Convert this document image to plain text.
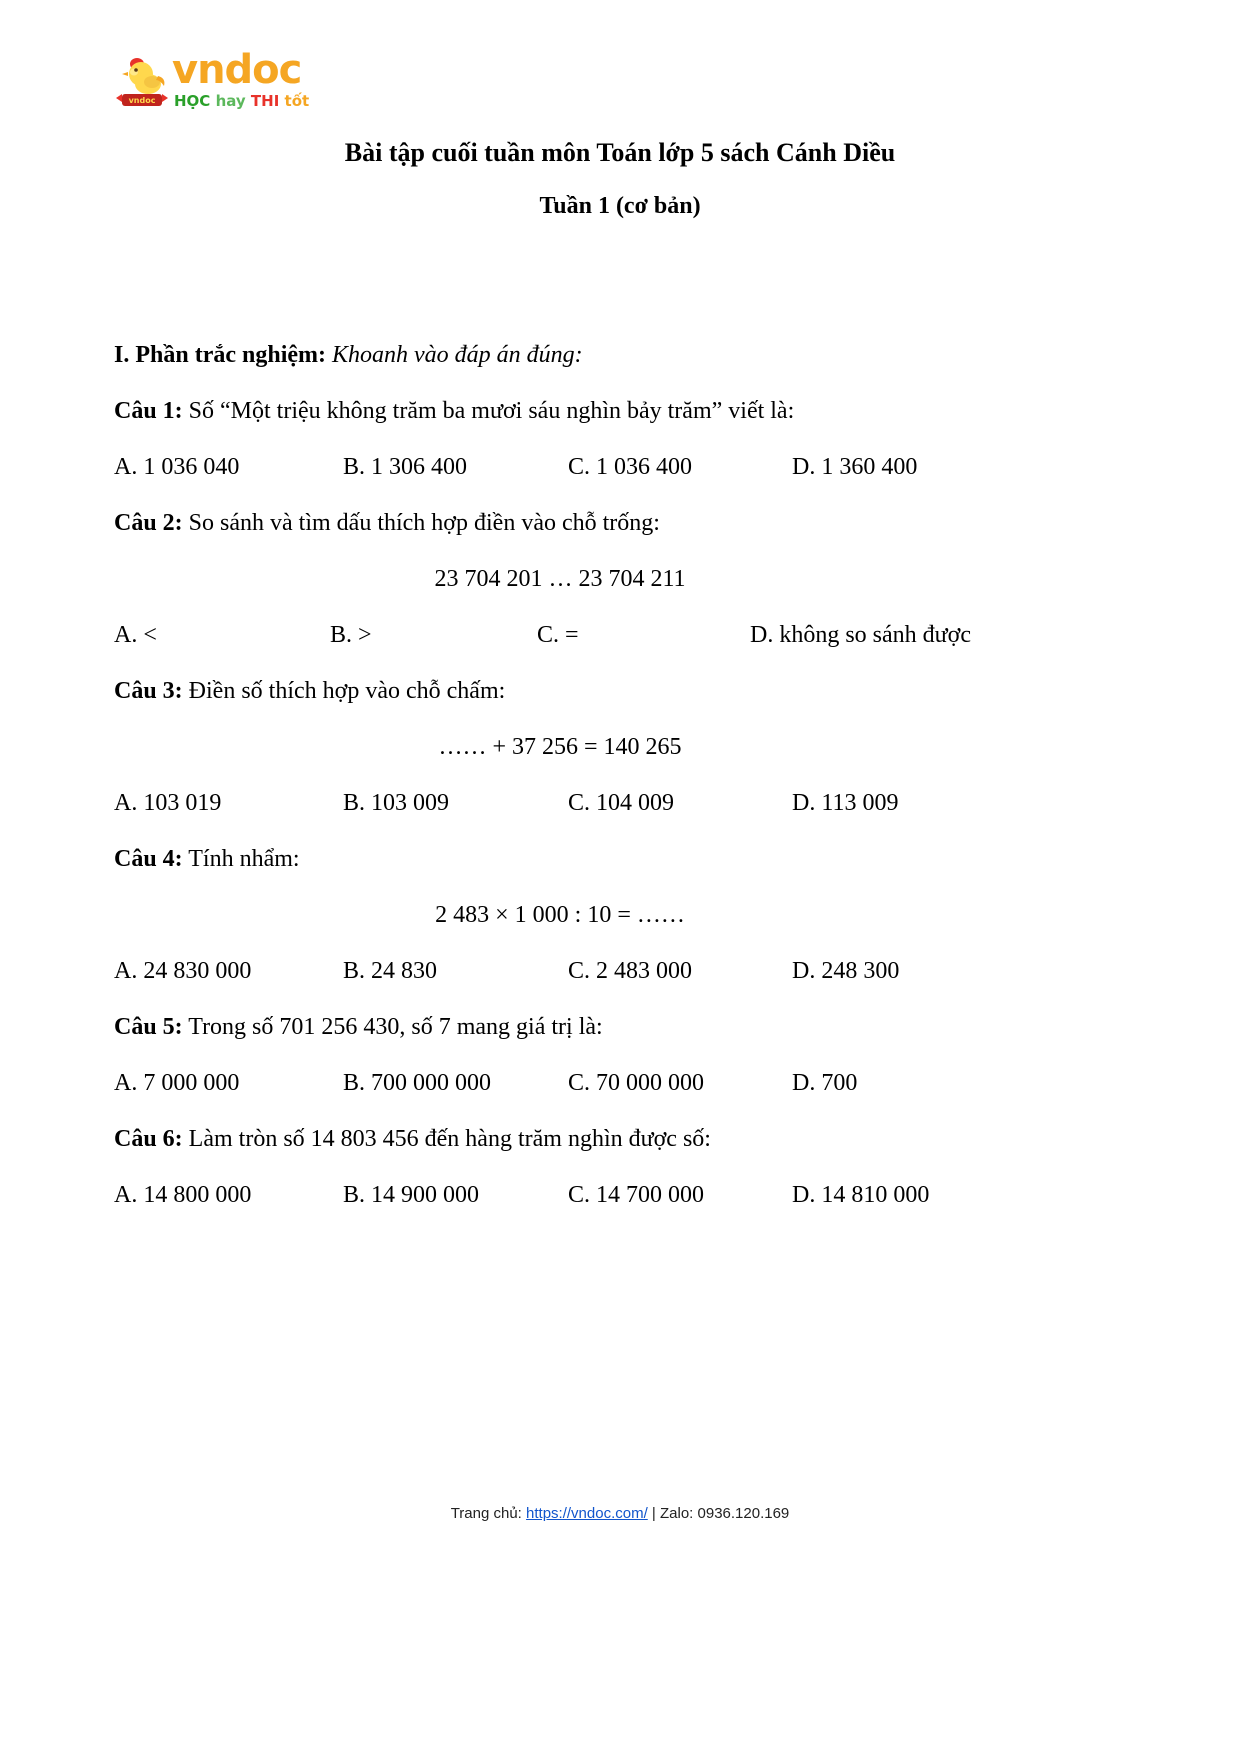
vndoc
vndoc
HỌC hay THI tốt
Bài tập cuối tuần môn Toán lớp 5 sách Cánh Diều
Tuần 1 (cơ bản)
I. Phần trắc nghiệm: Khoanh vào đáp án đúng:
Câu 1: Số “Một triệu không trăm ba mươi sáu nghìn bảy trăm” viết là:
A. 1 036 040	B. 1 306 400	C. 1 036 400	D. 1 360 400
Câu 2: So sánh và tìm dấu thích hợp điền vào chỗ trống:
23 704 201 … 23 704 211
A. <	B. >	C. =	D. không so sánh được
Câu 3: Điền số thích hợp vào chỗ chấm:
…… + 37 256 = 140 265
A. 103 019	B. 103 009	C. 104 009	D. 113 009
Câu 4: Tính nhẩm:
2 483 × 1 000 : 10 = ……
A. 24 830 000	B. 24 830	C. 2 483 000	D. 248 300
Câu 5: Trong số 701 256 430, số 7 mang giá trị là:
A. 7 000 000	B. 700 000 000	C. 70 000 000	D. 700
Câu 6: Làm tròn số 14 803 456 đến hàng trăm nghìn được số:
A. 14 800 000	B. 14 900 000	C. 14 700 000	D. 14 810 000
Trang chủ: https://vndoc.com/ | Zalo: 0936.120.169
